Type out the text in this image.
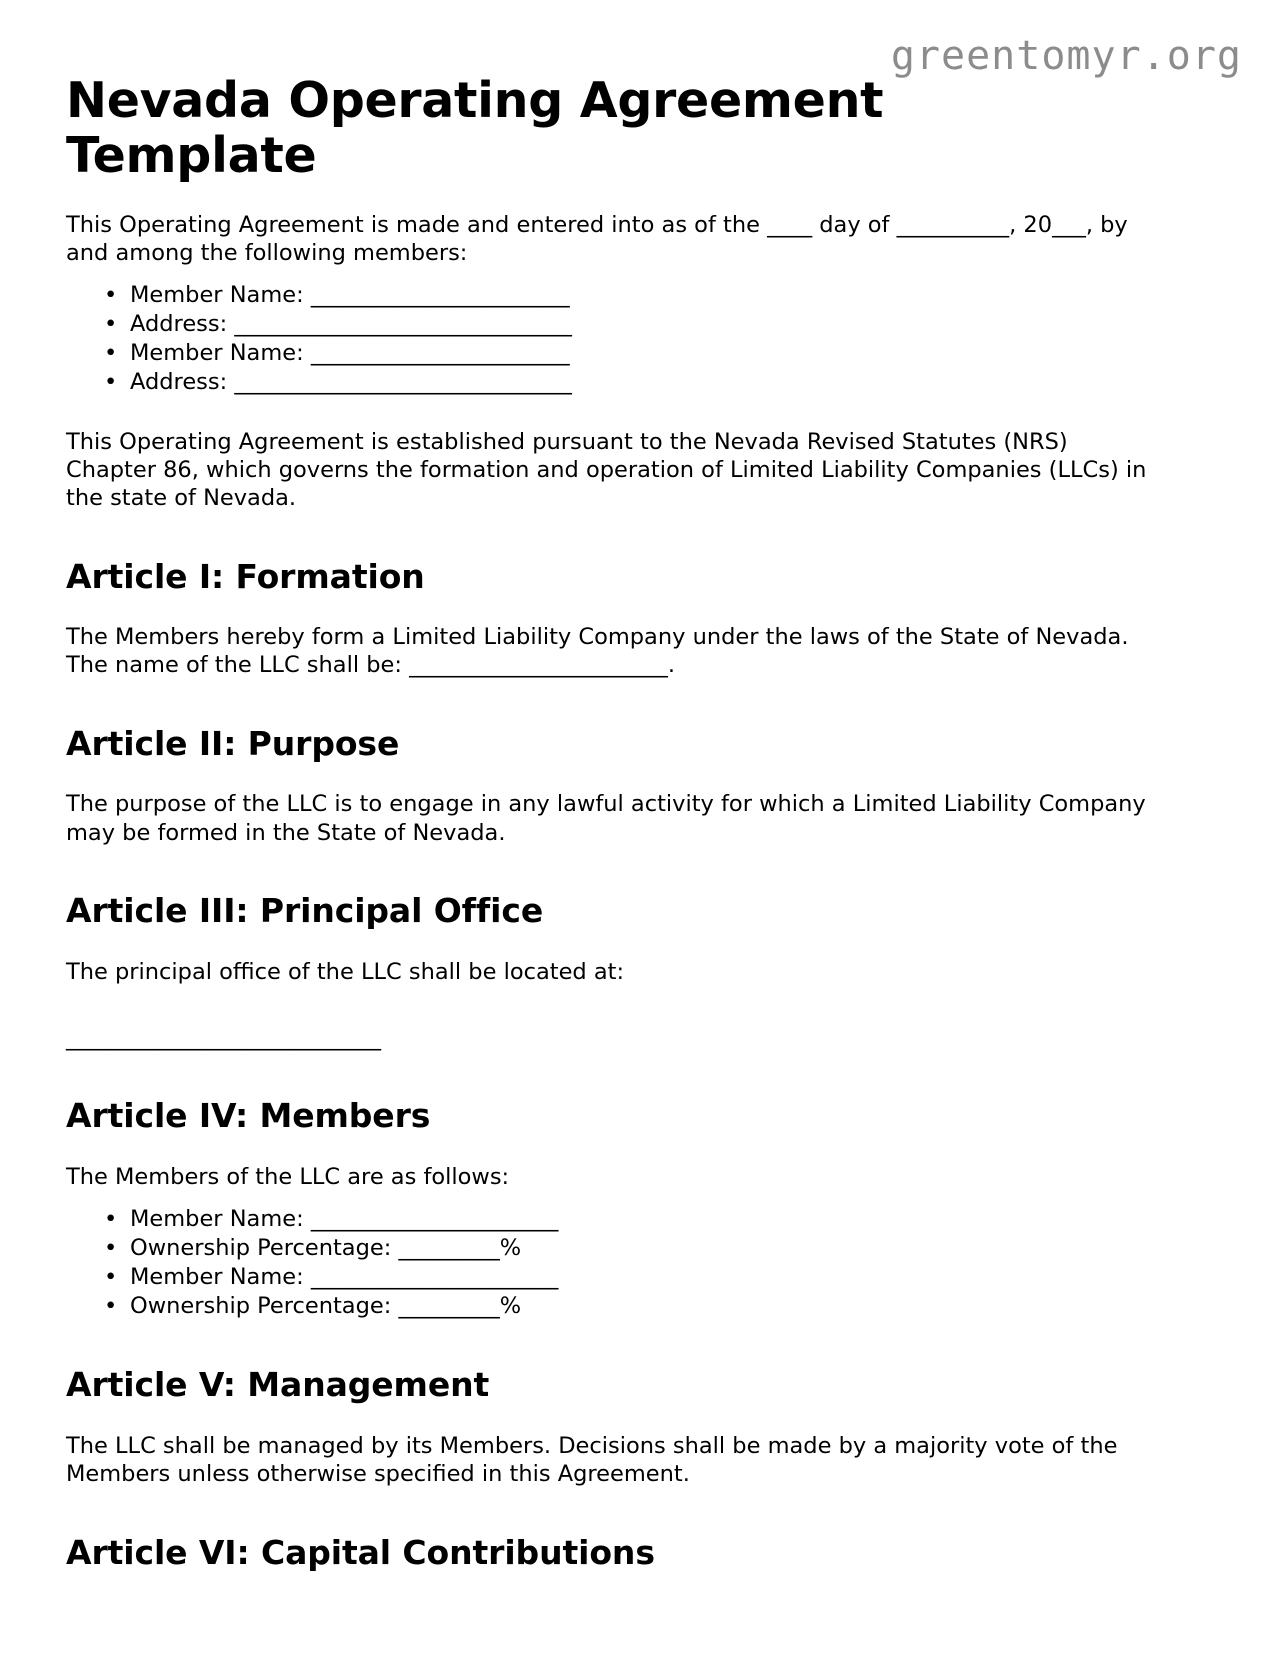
greentomyr.org
Nevada Operating Agreement Template

This Operating Agreement is made and entered into as of the ____ day of __________, 20___, by and among the following members:

• Member Name: _______________________
• Address: ______________________________
• Member Name: _______________________
• Address: ______________________________

This Operating Agreement is established pursuant to the Nevada Revised Statutes (NRS) Chapter 86, which governs the formation and operation of Limited Liability Companies (LLCs) in the state of Nevada.

Article I: Formation

The Members hereby form a Limited Liability Company under the laws of the State of Nevada. The name of the LLC shall be: _______________________.

Article II: Purpose

The purpose of the LLC is to engage in any lawful activity for which a Limited Liability Company may be formed in the State of Nevada.

Article III: Principal Office

The principal office of the LLC shall be located at:

____________________________

Article IV: Members

The Members of the LLC are as follows:

• Member Name: ______________________
• Ownership Percentage: _________%
• Member Name: ______________________
• Ownership Percentage: _________%
Article V: Management

The LLC shall be managed by its Members. Decisions shall be made by a majority vote of the Members unless otherwise specified in this Agreement.

Article VI: Capital Contributions
